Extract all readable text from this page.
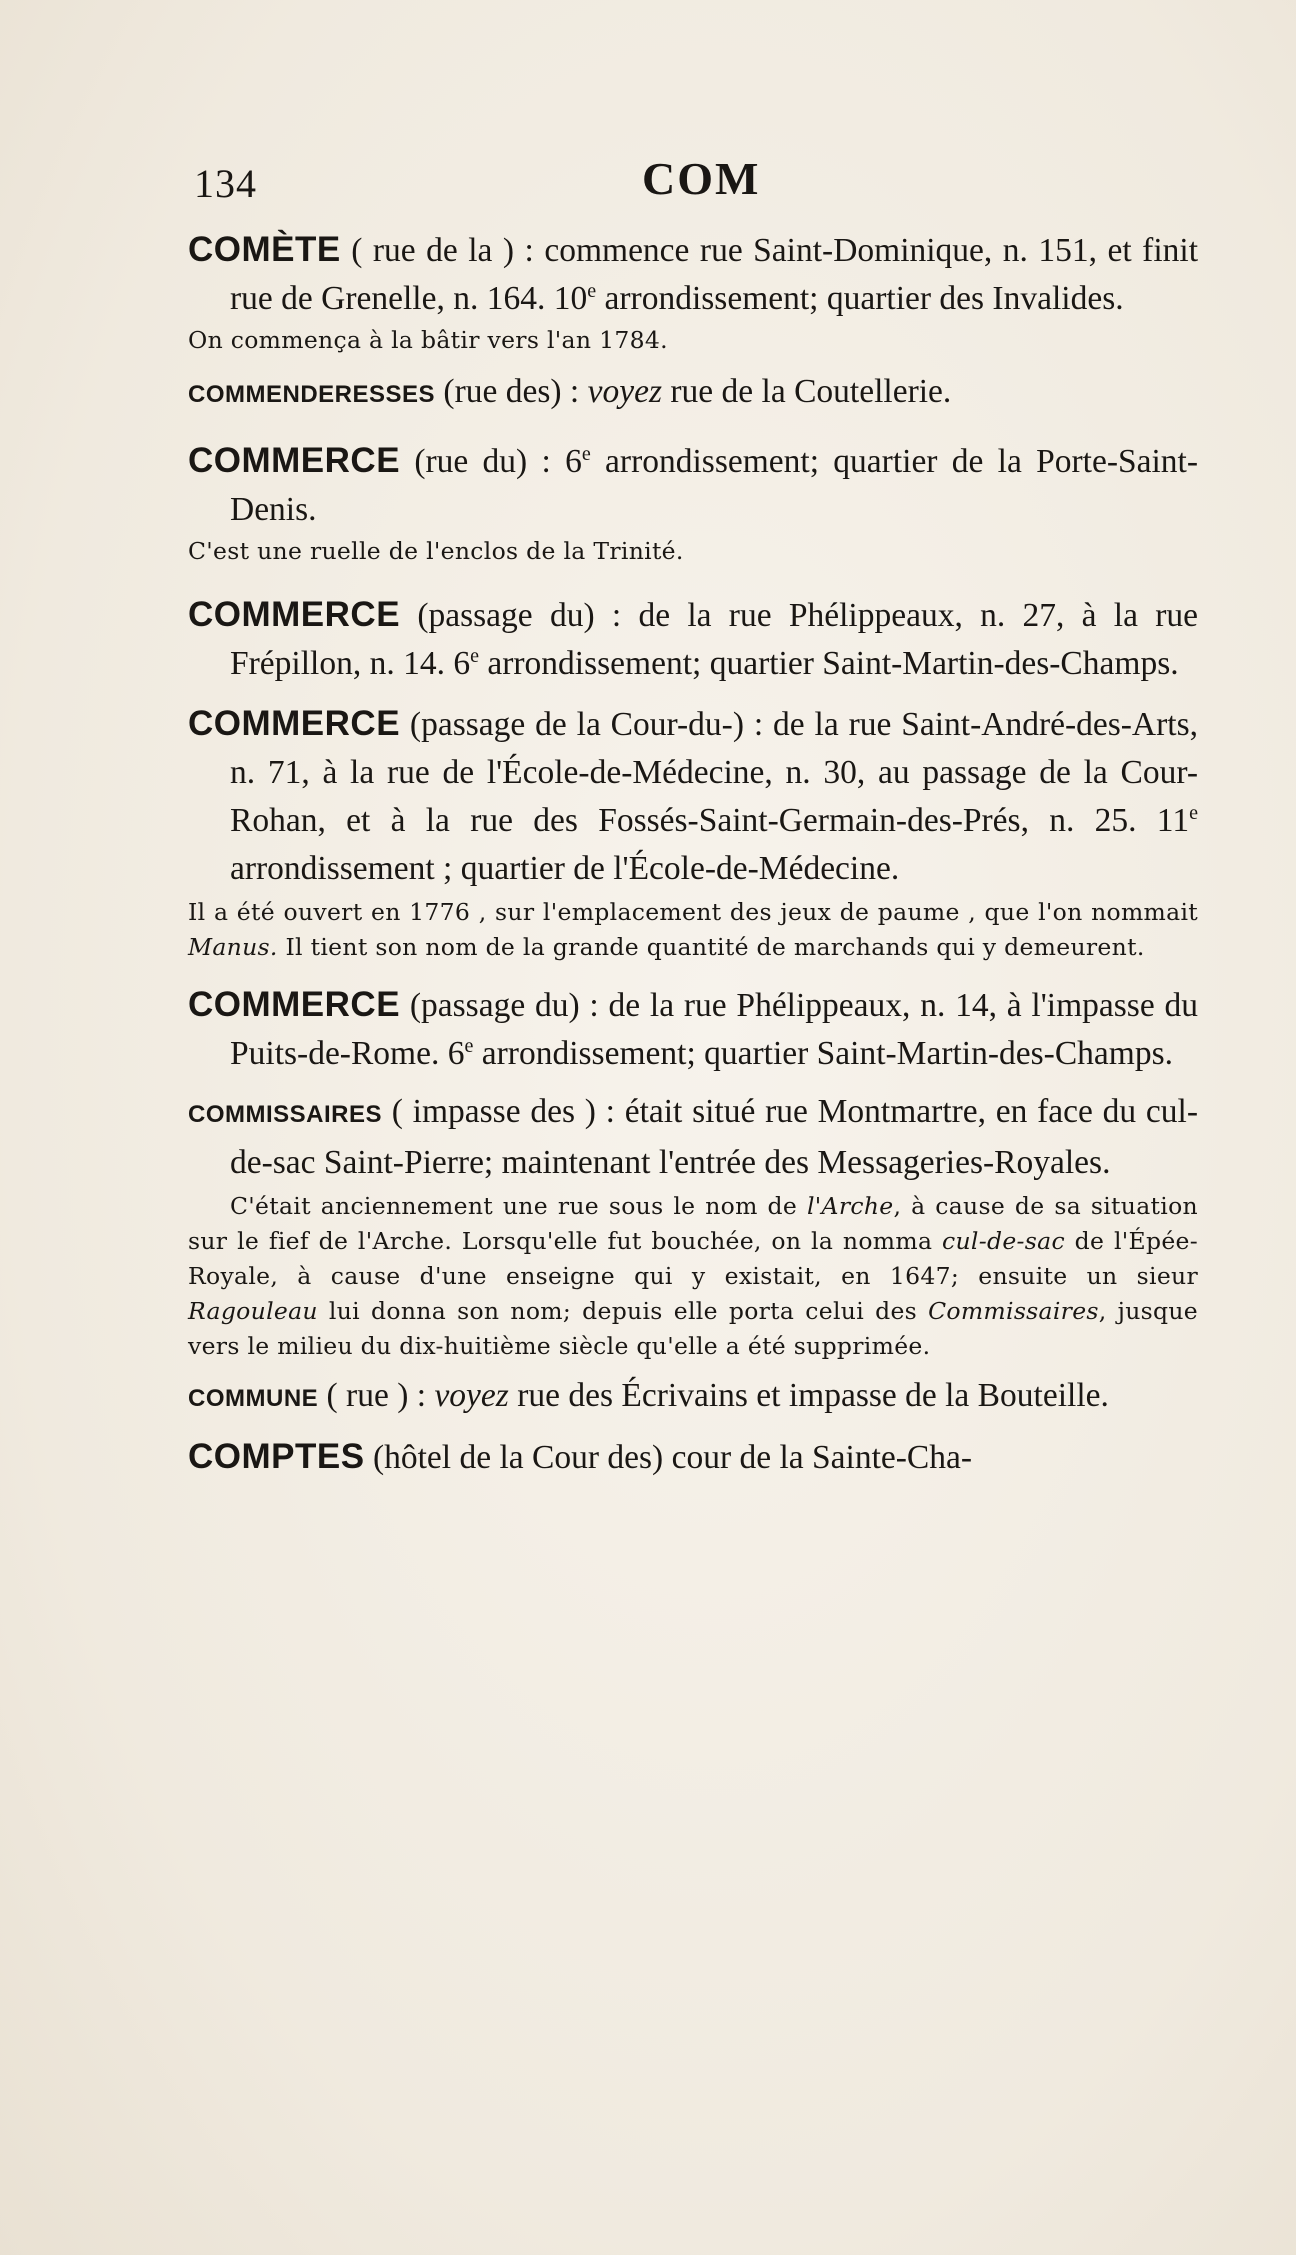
134	COM

COMÈTE ( rue de la ) : commence rue Saint-Dominique, n. 151, et finit rue de Grenelle, n. 164. 10e arrondissement; quartier des Invalides.

On commença à la bâtir vers l'an 1784.

COMMENDERESSES (rue des) : voyez rue de la Coutellerie.

COMMERCE (rue du) : 6e arrondissement; quartier de la Porte-Saint-Denis.

C'est une ruelle de l'enclos de la Trinité.

COMMERCE (passage du) : de la rue Phélippeaux, n. 27, à la rue Frépillon, n. 14. 6e arrondissement; quartier Saint-Martin-des-Champs.

COMMERCE (passage de la Cour-du-) : de la rue Saint-André-des-Arts, n. 71, à la rue de l'École-de-Médecine, n. 30, au passage de la Cour-Rohan, et à la rue des Fossés-Saint-Germain-des-Prés, n. 25. 11e arrondissement ; quartier de l'École-de-Médecine.

Il a été ouvert en 1776 , sur l'emplacement des jeux de paume , que l'on nommait Manus. Il tient son nom de la grande quantité de marchands qui y demeurent.

COMMERCE (passage du) : de la rue Phélippeaux, n. 14, à l'impasse du Puits-de-Rome. 6e arrondissement; quartier Saint-Martin-des-Champs.

COMMISSAIRES ( impasse des ) : était situé rue Montmartre, en face du cul-de-sac Saint-Pierre; maintenant l'entrée des Messageries-Royales.

C'était anciennement une rue sous le nom de l'Arche, à cause de sa situation sur le fief de l'Arche. Lorsqu'elle fut bouchée, on la nomma cul-de-sac de l'Épée-Royale, à cause d'une enseigne qui y existait, en 1647; ensuite un sieur Ragouleau lui donna son nom; depuis elle porta celui des Commissaires, jusque vers le milieu du dix-huitième siècle qu'elle a été supprimée.

COMMUNE ( rue ) : voyez rue des Écrivains et impasse de la Bouteille.

COMPTES (hôtel de la Cour des) cour de la Sainte-Cha-
